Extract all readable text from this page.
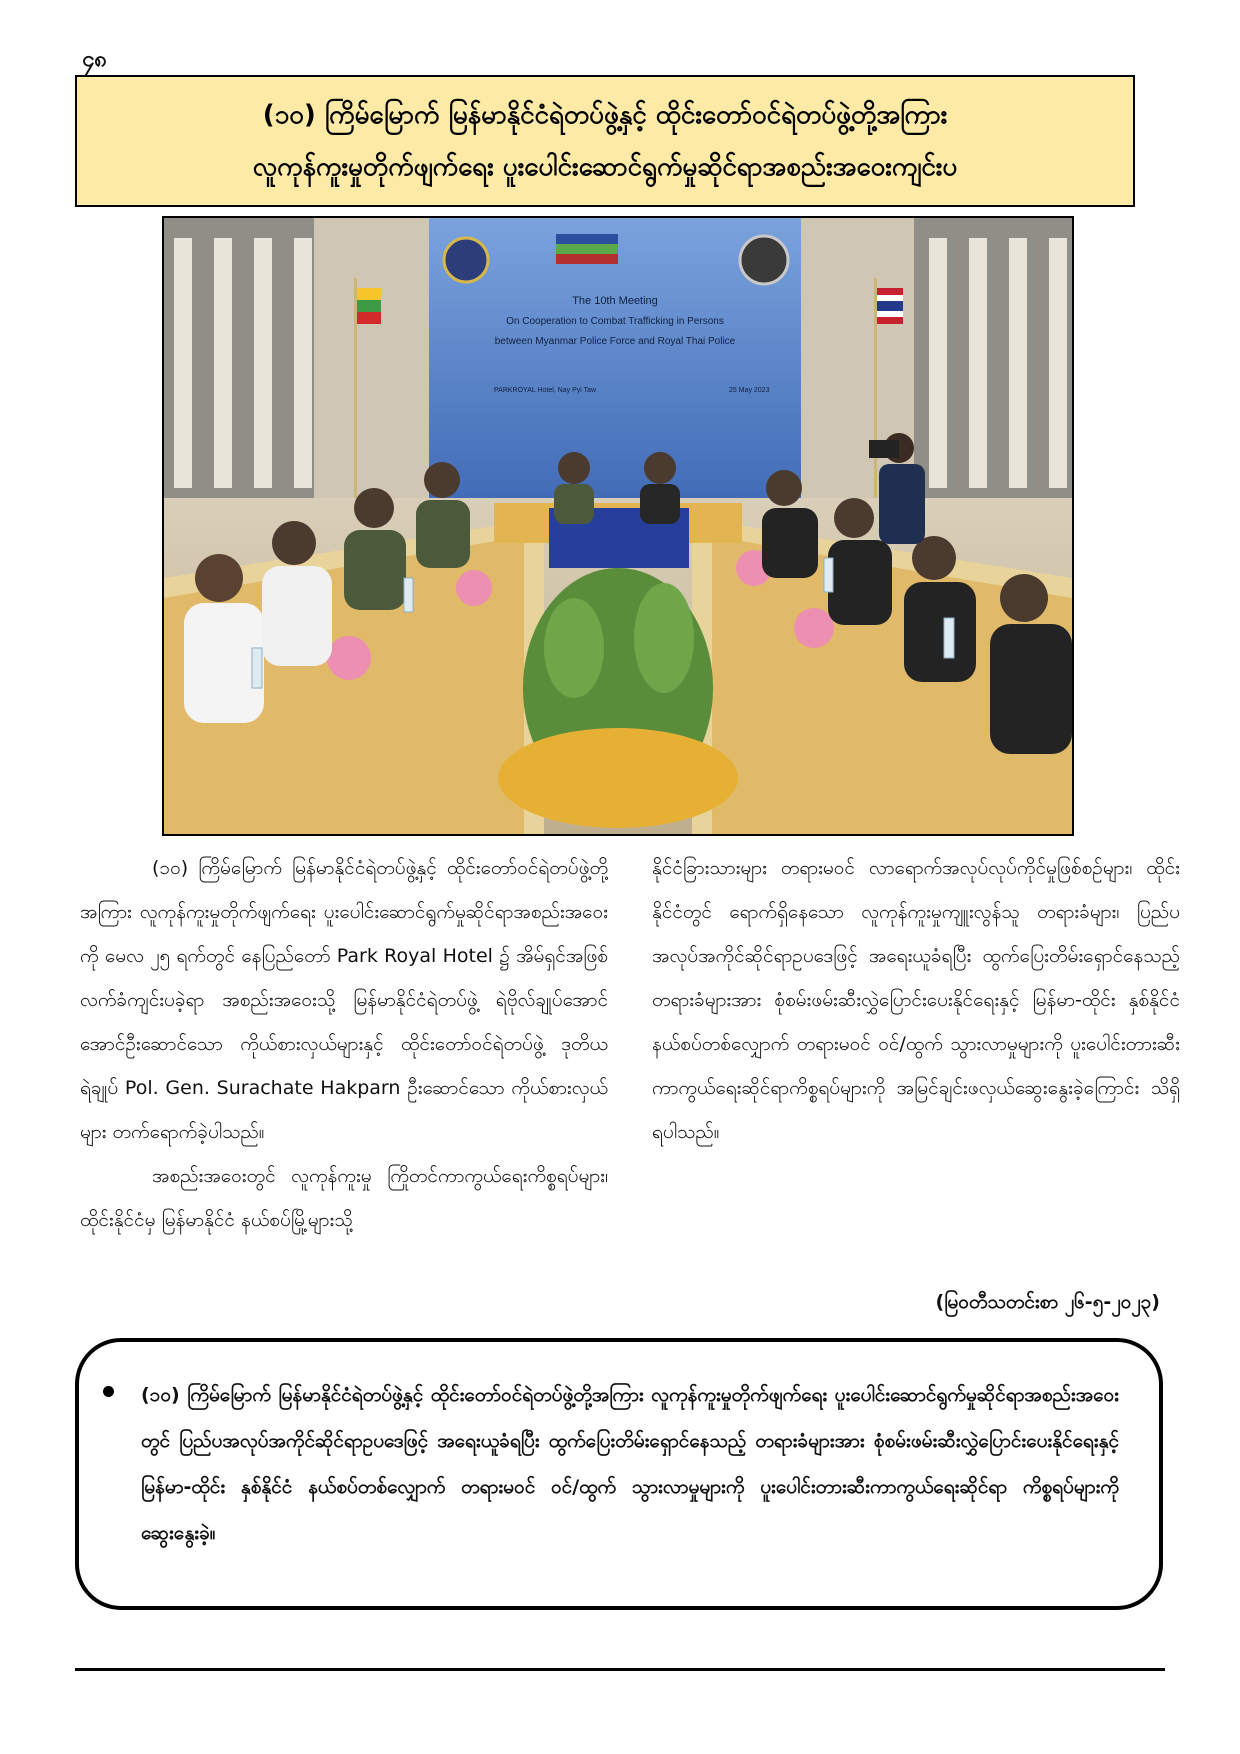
၄၈
(၁၀) ကြိမ်မြောက် မြန်မာနိုင်ငံရဲတပ်ဖွဲ့နှင့် ထိုင်းတော်ဝင်ရဲတပ်ဖွဲ့တို့အကြား
လူကုန်ကူးမှုတိုက်ဖျက်ရေး ပူးပေါင်းဆောင်ရွက်မှုဆိုင်ရာအစည်းအဝေးကျင်းပ
The 10th Meeting
On Cooperation to Combat Trafficking in Persons
between Myanmar Police Force and Royal Thai Police
PARKROYAL Hotel, Nay Pyi Taw	25 May 2023

(၁၀) ကြိမ်မြောက် မြန်မာနိုင်ငံရဲတပ်ဖွဲ့နှင့် ထိုင်းတော်ဝင်ရဲတပ်ဖွဲ့တို့အကြား လူကုန်ကူးမှုတိုက်ဖျက်ရေး ပူးပေါင်းဆောင်ရွက်မှုဆိုင်ရာအစည်းအဝေးကို မေလ ၂၅ ရက်တွင် နေပြည်တော် Park Royal Hotel ၌ အိမ်ရှင်အဖြစ် လက်ခံကျင်းပခဲ့ရာ အစည်းအဝေးသို့ မြန်မာနိုင်ငံရဲတပ်ဖွဲ့ ရဲဗိုလ်ချုပ်အောင်အောင်ဦးဆောင်သော ကိုယ်စားလှယ်များနှင့် ထိုင်းတော်ဝင်ရဲတပ်ဖွဲ့ ဒုတိယရဲချုပ် Pol. Gen. Surachate Hakparn ဦးဆောင်သော ကိုယ်စားလှယ်များ တက်ရောက်ခဲ့ပါသည်။

အစည်းအဝေးတွင် လူကုန်ကူးမှု ကြိုတင်ကာကွယ်ရေးကိစ္စရပ်များ၊ ထိုင်းနိုင်ငံမှ မြန်မာနိုင်ငံ နယ်စပ်မြို့များသို့

နိုင်ငံခြားသားများ တရားမဝင် လာရောက်အလုပ်လုပ်ကိုင်မှုဖြစ်စဉ်များ၊ ထိုင်းနိုင်ငံတွင် ရောက်ရှိနေသော လူကုန်ကူးမှုကျူးလွန်သူ တရားခံများ၊ ပြည်ပအလုပ်အကိုင်ဆိုင်ရာဥပဒေဖြင့် အရေးယူခံရပြီး ထွက်ပြေးတိမ်းရှောင်နေသည့် တရားခံများအား စုံစမ်းဖမ်းဆီးလွှဲပြောင်းပေးနိုင်ရေးနှင့် မြန်မာ-ထိုင်း နှစ်နိုင်ငံနယ်စပ်တစ်လျှောက် တရားမဝင် ဝင်/ထွက် သွားလာမှုများကို ပူးပေါင်းတားဆီးကာကွယ်ရေးဆိုင်ရာကိစ္စရပ်များကို အမြင်ချင်းဖလှယ်ဆွေးနွေးခဲ့ကြောင်း သိရှိရပါသည်။

(မြဝတီသတင်းစာ ၂၆-၅-၂၀၂၃)
(၁၀) ကြိမ်မြောက် မြန်မာနိုင်ငံရဲတပ်ဖွဲ့နှင့် ထိုင်းတော်ဝင်ရဲတပ်ဖွဲ့တို့အကြား လူကုန်ကူးမှုတိုက်ဖျက်ရေး ပူးပေါင်းဆောင်ရွက်မှုဆိုင်ရာအစည်းအဝေးတွင် ပြည်ပအလုပ်အကိုင်ဆိုင်ရာဥပဒေဖြင့် အရေးယူခံရပြီး ထွက်ပြေးတိမ်းရှောင်နေသည့် တရားခံများအား စုံစမ်းဖမ်းဆီးလွှဲပြောင်းပေးနိုင်ရေးနှင့် မြန်မာ-ထိုင်း နှစ်နိုင်ငံ နယ်စပ်တစ်လျှောက် တရားမဝင် ဝင်/ထွက် သွားလာမှုများကို ပူးပေါင်းတားဆီးကာကွယ်ရေးဆိုင်ရာ ကိစ္စရပ်များကို ဆွေးနွေးခဲ့။
